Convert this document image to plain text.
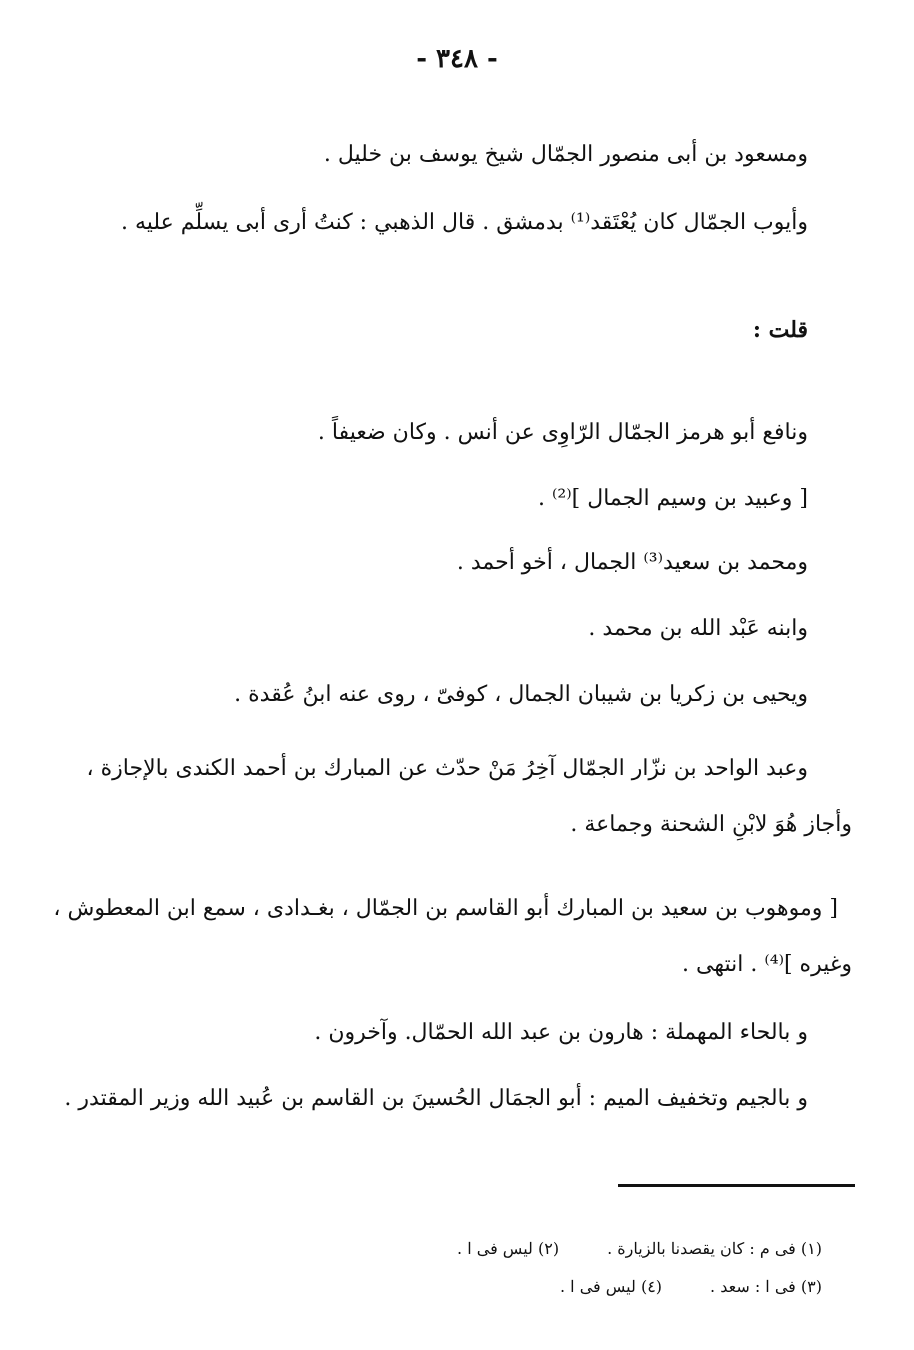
- ٣٤٨ -
ومسعود بن أبى منصور الجمّال شيخ يوسف بن خليل .
وأيوب الجمّال كان يُعْتَقد⁽¹⁾ بدمشق . قال الذهبي : كنتُ أرى أبى يسلِّم عليه .
قلت :
ونافع أبو هرمز الجمّال الرّاوِى عن أنس . وكان ضعيفاً .
[ وعبيد بن وسيم الجمال ]⁽²⁾ .
ومحمد بن سعيد⁽³⁾ الجمال ، أخو أحمد .
وابنه عَبْد الله بن محمد .
ويحيى بن زكريا بن شيبان الجمال ، كوفىّ ، روى عنه ابنُ عُقدة .
وعبد الواحد بن نزّار الجمّال آخِرُ مَنْ حدّث عن المبارك بن أحمد الكندى بالإجازة ،
وأجاز هُوَ لابْنِ الشحنة وجماعة .
[ وموهوب بن سعيد بن المبارك أبو القاسم بن الجمّال ، بغـدادى ، سمع ابن المعطوش ،
وغيره ]⁽⁴⁾ . انتهى .
و بالحاء المهملة : هارون بن عبد الله الحمّال. وآخرون .
و بالجيم وتخفيف الميم : أبو الجمَال الحُسينَ بن القاسم بن عُبيد الله وزير المقتدر .
(١) فى م : كان يقصدنا بالزيارة .(٢) ليس فى ا .
(٣) فى ا : سعد .(٤) ليس فى ا .
